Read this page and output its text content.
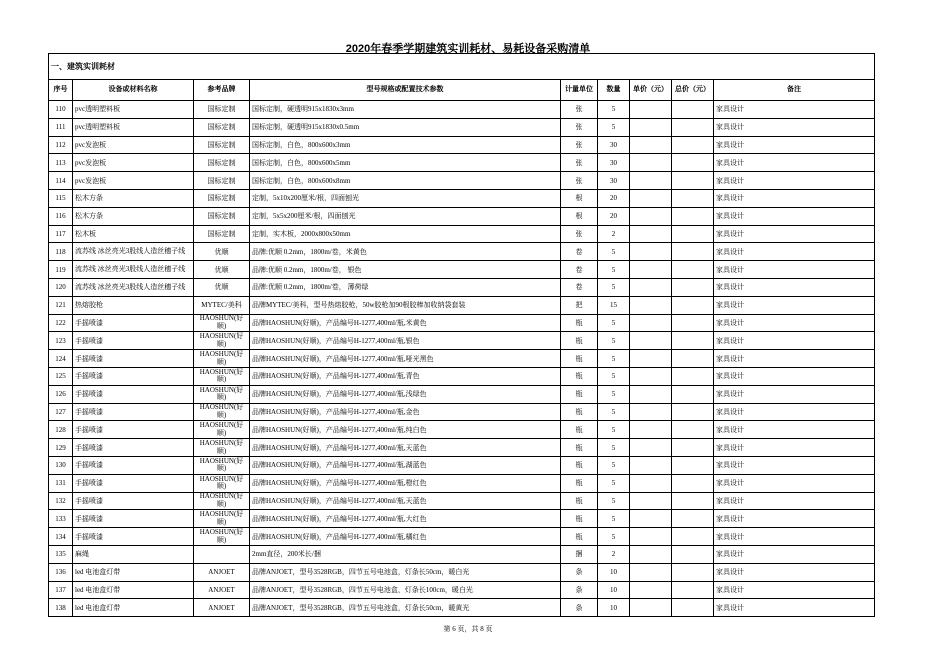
2020年春季学期建筑实训耗材、易耗设备采购清单
一、建筑实训耗材								
序号	设备或材料名称	参考品牌	型号规格或配置技术参数	计量单位	数量	单价（元）	总价（元）	备注
110	pvc透明塑料板	国标定制	国标定制，硬透明915x1830x3mm	张	5			家具设计
111	pvc透明塑料板	国标定制	国标定制，硬透明915x1830x0.5mm	张	5			家具设计
112	pvc发泡板	国标定制	国标定制，白色，800x600x3mm	张	30			家具设计
113	pvc发泡板	国标定制	国标定制，白色，800x600x5mm	张	30			家具设计
114	pvc发泡板	国标定制	国标定制，白色，800x600x8mm	张	30			家具设计
115	松木方条	国标定制	定制，5x10x200厘米/根，四面刨光	根	20			家具设计
116	松木方条	国标定制	定制，5x5x200厘米/根，四面刨光	根	20			家具设计
117	松木板	国标定制	定制，实木板，2000x800x50mm	张	2			家具设计
118	流苏线 冰丝亮光3股线人造丝穗子线	优顺	品牌:优顺 0.2mm，1800m/卷，米黄色	卷	5			家具设计
119	流苏线 冰丝亮光3股线人造丝穗子线	优顺	品牌:优顺 0.2mm，1800m/卷， 银色	卷	5			家具设计
120	流苏线 冰丝亮光3股线人造丝穗子线	优顺	品牌:优顺 0.2mm，1800m/卷， 薄荷绿	卷	5			家具设计
121	热熔胶枪	MYTEC/美科	品牌MYTEC/美科，型号热熔胶枪，50w胶枪加90根胶棒加收纳袋套装	把	15			家具设计
122	手摇喷漆	HAOSHUN(好顺)	品牌HAOSHUN(好顺)，产品编号H-1277,400ml/瓶,米黄色	瓶	5			家具设计
123	手摇喷漆	HAOSHUN(好顺)	品牌HAOSHUN(好顺)，产品编号H-1277,400ml/瓶,银色	瓶	5			家具设计
124	手摇喷漆	HAOSHUN(好顺)	品牌HAOSHUN(好顺)，产品编号H-1277,400ml/瓶,哑光黑色	瓶	5			家具设计
125	手摇喷漆	HAOSHUN(好顺)	品牌HAOSHUN(好顺)，产品编号H-1277,400ml/瓶,青色	瓶	5			家具设计
126	手摇喷漆	HAOSHUN(好顺)	品牌HAOSHUN(好顺)，产品编号H-1277,400ml/瓶,浅绿色	瓶	5			家具设计
127	手摇喷漆	HAOSHUN(好顺)	品牌HAOSHUN(好顺)，产品编号H-1277,400ml/瓶,金色	瓶	5			家具设计
128	手摇喷漆	HAOSHUN(好顺)	品牌HAOSHUN(好顺)，产品编号H-1277,400ml/瓶,纯白色	瓶	5			家具设计
129	手摇喷漆	HAOSHUN(好顺)	品牌HAOSHUN(好顺)，产品编号H-1277,400ml/瓶,天蓝色	瓶	5			家具设计
130	手摇喷漆	HAOSHUN(好顺)	品牌HAOSHUN(好顺)，产品编号H-1277,400ml/瓶,湖蓝色	瓶	5			家具设计
131	手摇喷漆	HAOSHUN(好顺)	品牌HAOSHUN(好顺)，产品编号H-1277,400ml/瓶,橙红色	瓶	5			家具设计
132	手摇喷漆	HAOSHUN(好顺)	品牌HAOSHUN(好顺)，产品编号H-1277,400ml/瓶,天蓝色	瓶	5			家具设计
133	手摇喷漆	HAOSHUN(好顺)	品牌HAOSHUN(好顺)，产品编号H-1277,400ml/瓶,大红色	瓶	5			家具设计
134	手摇喷漆	HAOSHUN(好顺)	品牌HAOSHUN(好顺)，产品编号H-1277,400ml/瓶,橘红色	瓶	5			家具设计
135	麻绳		2mm直径，200米长/捆	捆	2			家具设计
136	led 电池盒灯带	ANJOET	品牌ANJOET，型号3528RGB，四节五号电池盒，灯条长50cm，暖白光	条	10			家具设计
137	led 电池盒灯带	ANJOET	品牌ANJOET，型号3528RGB，四节五号电池盒，灯条长100cm，暖白光	条	10			家具设计
138	led 电池盒灯带	ANJOET	品牌ANJOET，型号3528RGB，四节五号电池盒，灯条长50cm，暖黄光	条	10			家具设计
第 6 页，共 8 页
